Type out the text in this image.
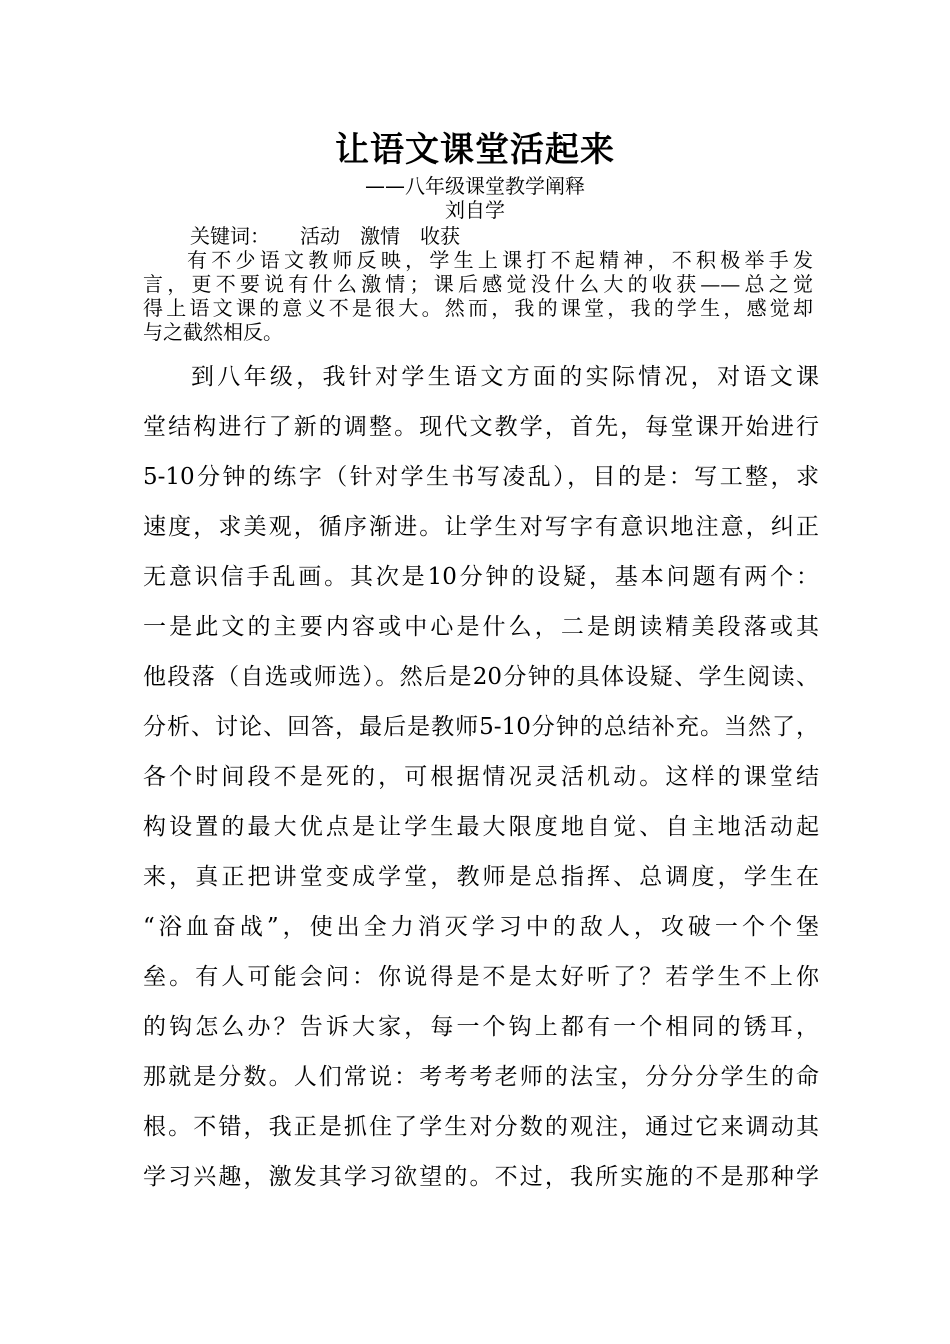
让语文课堂活起来
——八年级课堂教学阐释
刘自学
关键词： 活动 激情 收获
有不少语文教师反映，学生上课打不起精神，不积极举手发
言，更不要说有什么激情；课后感觉没什么大的收获——总之觉
得上语文课的意义不是很大。然而，我的课堂，我的学生，感觉却
与之截然相反。
到八年级，我针对学生语文方面的实际情况，对语文课
堂结构进行了新的调整。现代文教学，首先，每堂课开始进行
5-10分钟的练字（针对学生书写凌乱），目的是：写工整，求
速度，求美观，循序渐进。让学生对写字有意识地注意，纠正
无意识信手乱画。其次是10分钟的设疑，基本问题有两个：
一是此文的主要内容或中心是什么，二是朗读精美段落或其
他段落（自选或师选）。然后是20分钟的具体设疑、学生阅读、
分析、讨论、回答，最后是教师5-10分钟的总结补充。当然了，
各个时间段不是死的，可根据情况灵活机动。这样的课堂结
构设置的最大优点是让学生最大限度地自觉、自主地活动起
来，真正把讲堂变成学堂，教师是总指挥、总调度，学生在
“浴血奋战”，使出全力消灭学习中的敌人，攻破一个个堡
垒。有人可能会问：你说得是不是太好听了？若学生不上你
的钩怎么办？告诉大家，每一个钩上都有一个相同的锈耳，
那就是分数。人们常说：考考考老师的法宝，分分分学生的命
根。不错，我正是抓住了学生对分数的观注，通过它来调动其
学习兴趣，激发其学习欲望的。不过，我所实施的不是那种学
